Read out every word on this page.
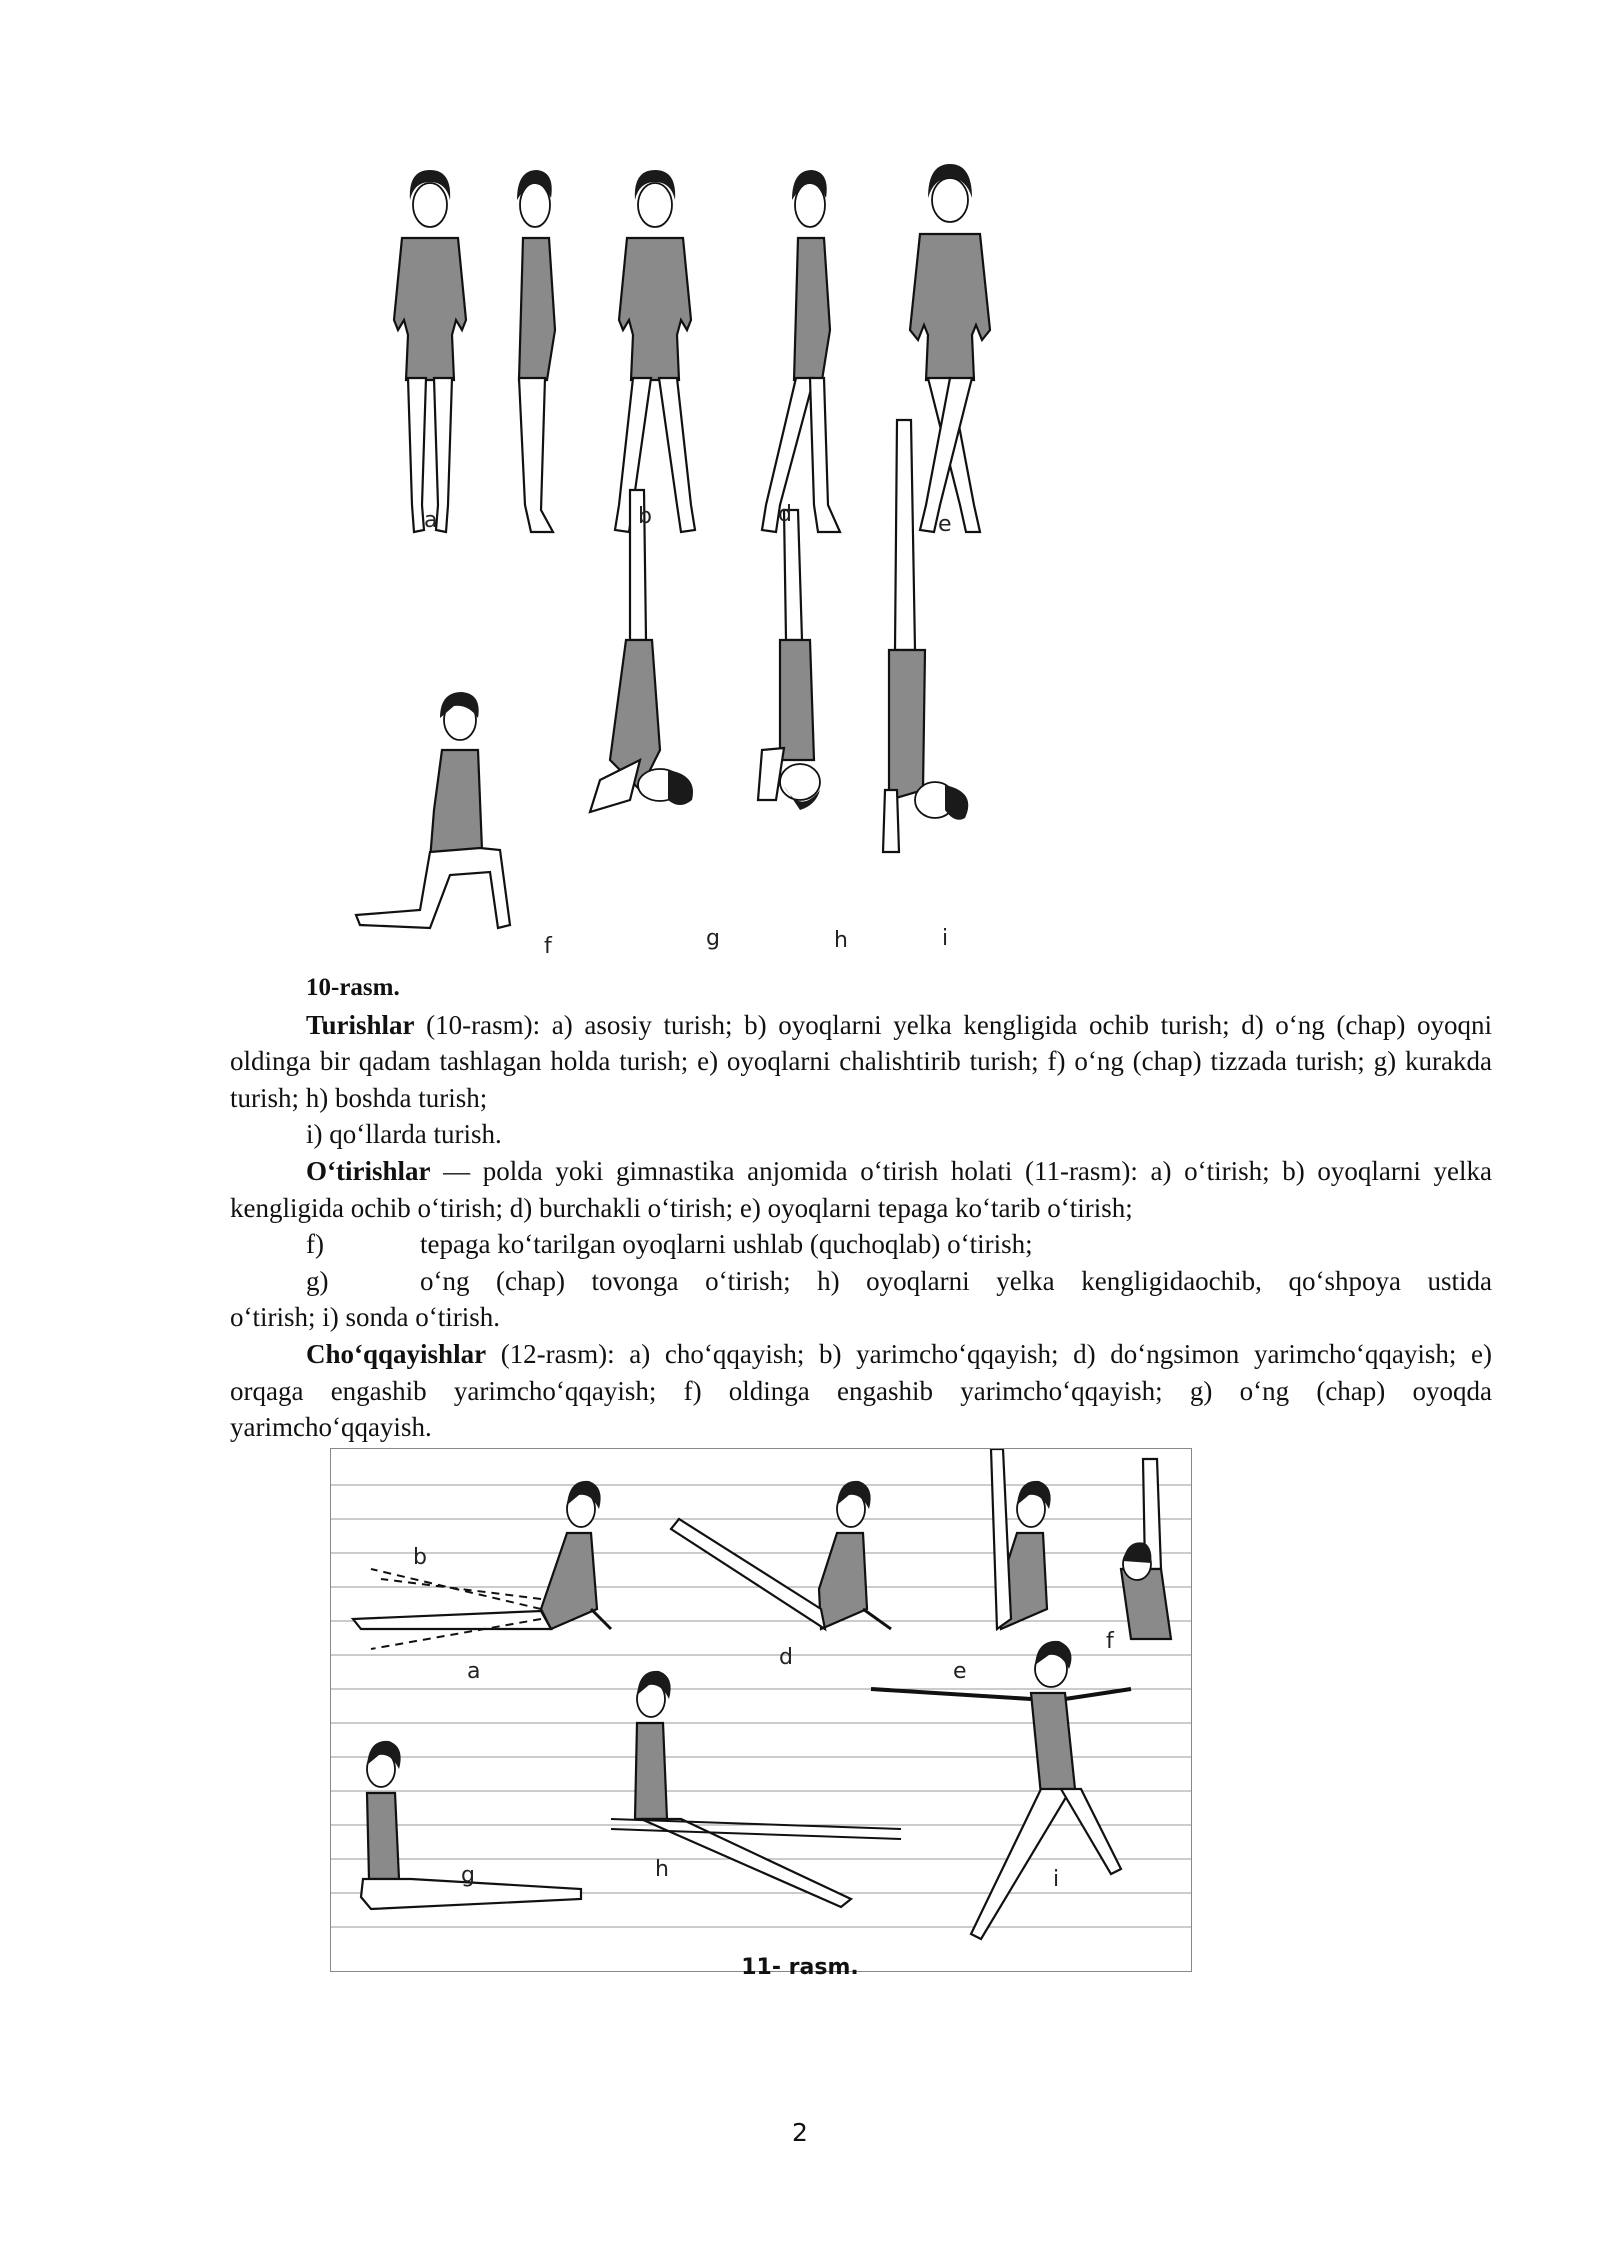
a	b	d	e
f	g	h	i

10-rasm.

Turishlar (10-rasm): a) asosiy turish; b) oyoqlarni yelka kengligida ochib turish; d) o‘ng (chap) oyoqni oldinga bir qadam tashlagan holda turish; e) oyoqlarni chalishtirib turish; f) o‘ng (chap) tizzada turish; g) kurakda turish; h) boshda turish;

i) qo‘llarda turish.

O‘tirishlar — polda yoki gimnastika anjomida o‘tirish holati (11-rasm): a) o‘tirish; b) oyoqlarni yelka kengligida ochib o‘tirish; d) burchakli o‘tirish; e) oyoqlarni tepaga ko‘tarib o‘tirish;

f)	tepaga ko‘tarilgan oyoqlarni ushlab (quchoqlab) o‘tirish;
g)	o‘ng (chap) tovonga o‘tirish; h) oyoqlarni yelka kengligidaochib, qo‘shpoya ustida

o‘tirish; i) sonda o‘tirish.

Cho‘qqayishlar (12-rasm): a) cho‘qqayish; b) yarimcho‘qqayish; d) do‘ngsimon yarimcho‘qqayish; e) orqaga engashib yarimcho‘qqayish; f) oldinga engashib yarimcho‘qqayish; g) o‘ng (chap) oyoqda yarimcho‘qqayish.

b
a
d
e
f
g	h	i
11- rasm.
2
